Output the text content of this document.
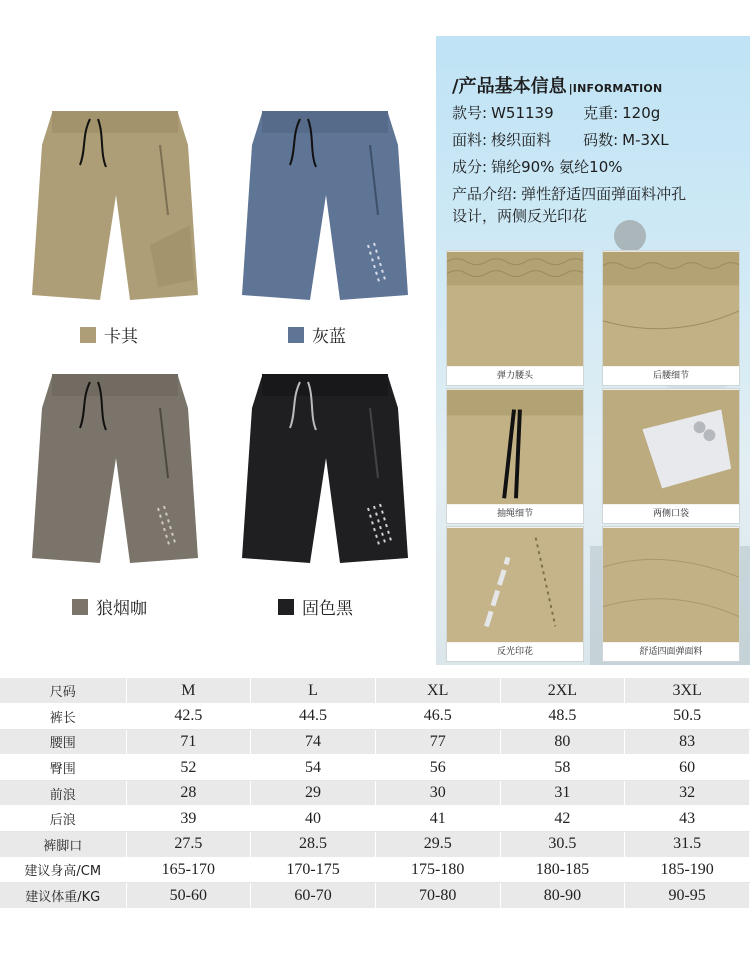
卡其	灰蓝
狼烟咖	固色黑
/产品基本信息 |INFORMATION
款号: W51139 克重: 120g
面料: 梭织面料 码数: M-3XL
成分: 锦纶90% 氨纶10%
产品介绍: 弹性舒适四面弹面料冲孔
设计，两侧反光印花
弹力腰头	后腰细节
抽绳细节	两侧口袋
反光印花	舒适四面弹面料
尺码	M	L	XL	2XL	3XL
裤长	42.5	44.5	46.5	48.5	50.5
腰围	71	74	77	80	83
臀围	52	54	56	58	60
前浪	28	29	30	31	32
后浪	39	40	41	42	43
裤脚口	27.5	28.5	29.5	30.5	31.5
建议身高/CM	165-170	170-175	175-180	180-185	185-190
建议体重/KG	50-60	60-70	70-80	80-90	90-95
